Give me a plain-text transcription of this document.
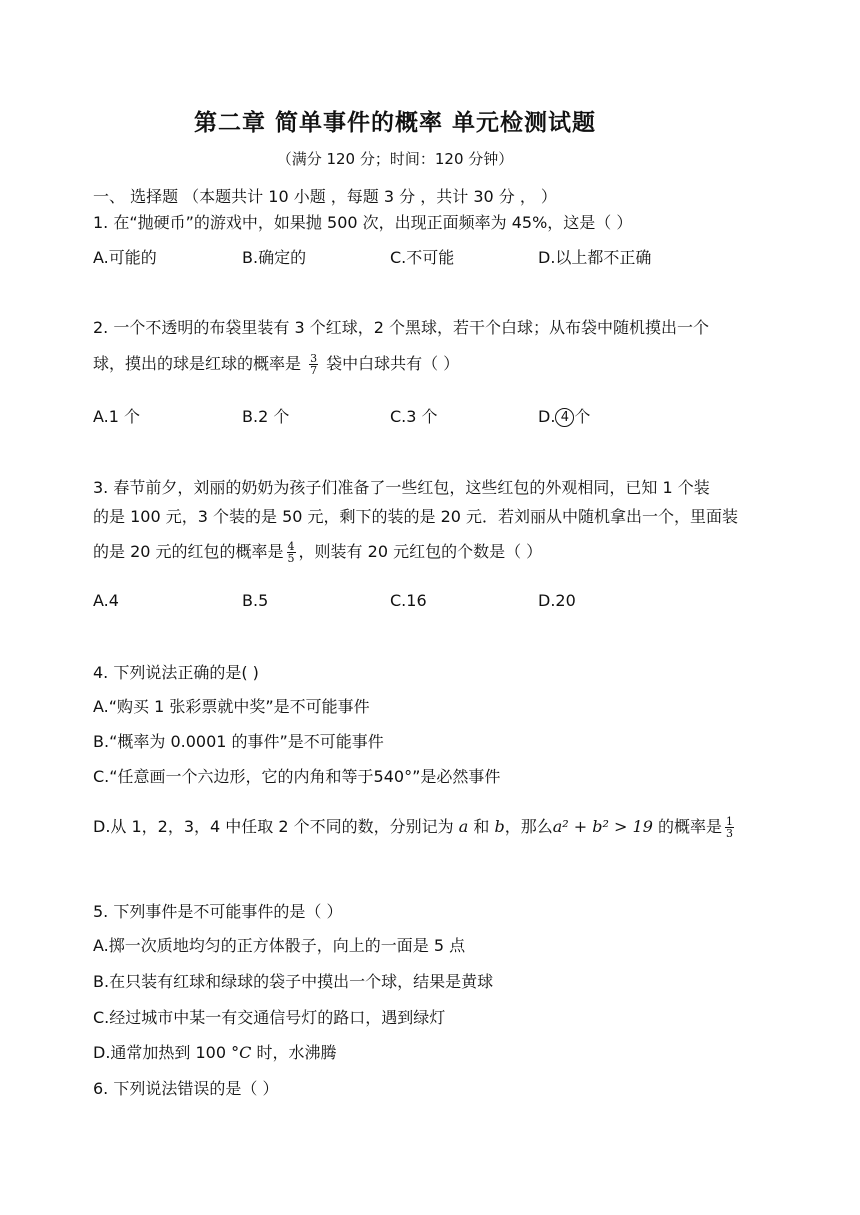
第二章 简单事件的概率 单元检测试题
（满分 120 分；时间：120 分钟）
一、 选择题 （本题共计 10 小题 ，每题 3 分 ，共计 30 分 ， ）
1. 在“抛硬币”的游戏中，如果抛 500 次，出现正面频率为 45%，这是（ ）
A.可能的	B.确定的	C.不可能	D.以上都不正确
2. 一个不透明的布袋里装有 3 个红球，2 个黑球，若干个白球；从布袋中随机摸出一个
球，摸出的球是红球的概率是 $\frac{3}{7}$ 袋中白球共有（ ）
A.1 个	B.2 个	C.3 个	D. 4 个
3. 春节前夕，刘丽的奶奶为孩子们准备了一些红包，这些红包的外观相同，已知 1 个装
的是 100 元，3 个装的是 50 元，剩下的装的是 20 元．若刘丽从中随机拿出一个，里面装
的是 20 元的红包的概率是 $\frac{4}{5}$ ，则装有 20 元红包的个数是（ ）
A.4	B.5	C.16	D.20
4. 下列说法正确的是( )
A.“购买 1 张彩票就中奖”是不可能事件
B.“概率为 0.0001 的事件”是不可能事件
C.“任意画一个六边形，它的内角和等于540°”是必然事件
D.从 1，2，3，4 中任取 2 个不同的数，分别记为 a 和 b，那么a² + b² > 19 的概率是 $\frac{1}{3}$
5. 下列事件是不可能事件的是（ ）
A.掷一次质地均匀的正方体骰子，向上的一面是 5 点
B.在只装有红球和绿球的袋子中摸出一个球，结果是黄球
C.经过城市中某一有交通信号灯的路口，遇到绿灯
D.通常加热到 100 °C 时，水沸腾
6. 下列说法错误的是（ ）
